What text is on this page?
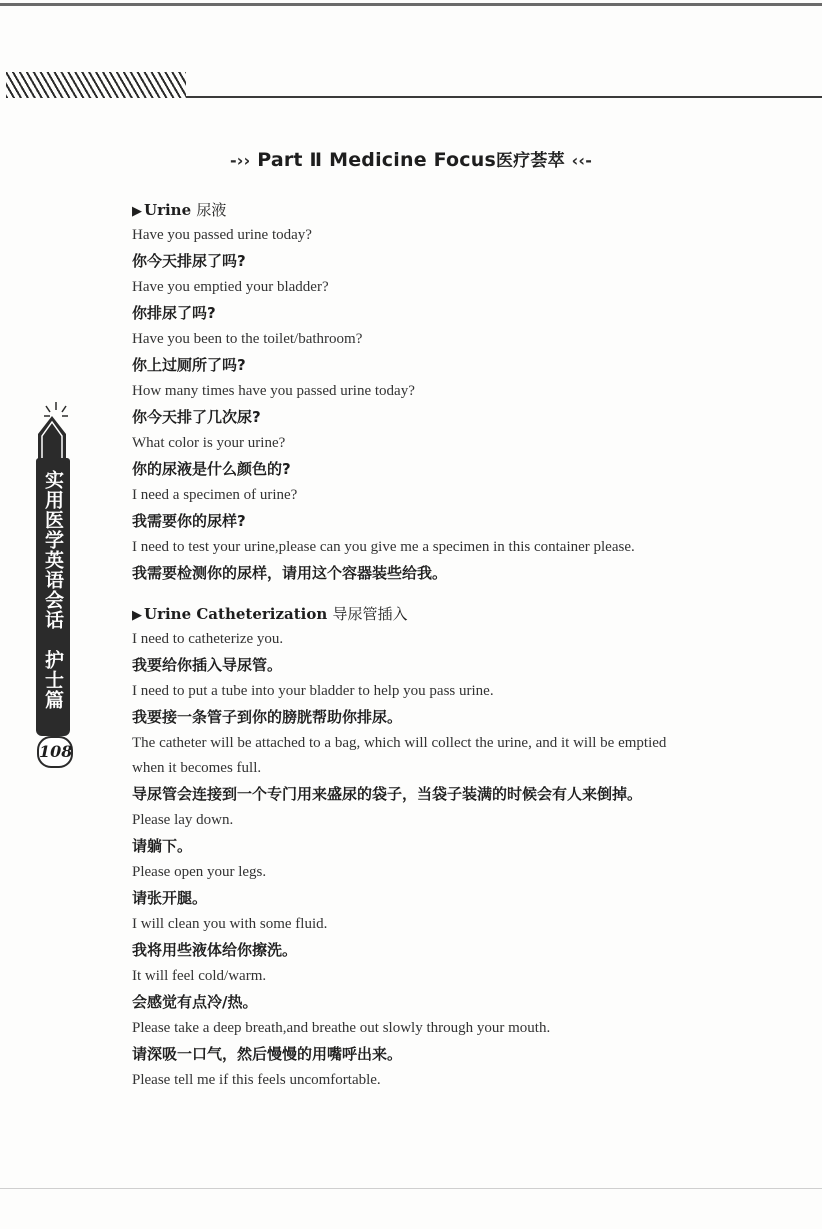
-›› Part Ⅱ Medicine Focus医疗荟萃 ‹‹-
实用医学英语会话　护士篇
108
▶ Urine 尿液
Have you passed urine today?
你今天排尿了吗?
Have you emptied your bladder?
你排尿了吗?
Have you been to the toilet/bathroom?
你上过厕所了吗?
How many times have you passed urine today?
你今天排了几次尿?
What color is your urine?
你的尿液是什么颜色的?
I need a specimen of urine?
我需要你的尿样?
I need to test your urine,please can you give me a specimen in this container please.
我需要检测你的尿样，请用这个容器装些给我。
▶ Urine Catheterization 导尿管插入
I need to catheterize you.
我要给你插入导尿管。
I need to put a tube into your bladder to help you pass urine.
我要接一条管子到你的膀胱帮助你排尿。
The catheter will be attached to a bag, which will collect the urine, and it will be emptied
when it becomes full.
导尿管会连接到一个专门用来盛尿的袋子，当袋子装满的时候会有人来倒掉。
Please lay down.
请躺下。
Please open your legs.
请张开腿。
I will clean you with some fluid.
我将用些液体给你擦洗。
It will feel cold/warm.
会感觉有点冷/热。
Please take a deep breath,and breathe out slowly through your mouth.
请深吸一口气，然后慢慢的用嘴呼出来。
Please tell me if this feels uncomfortable.
